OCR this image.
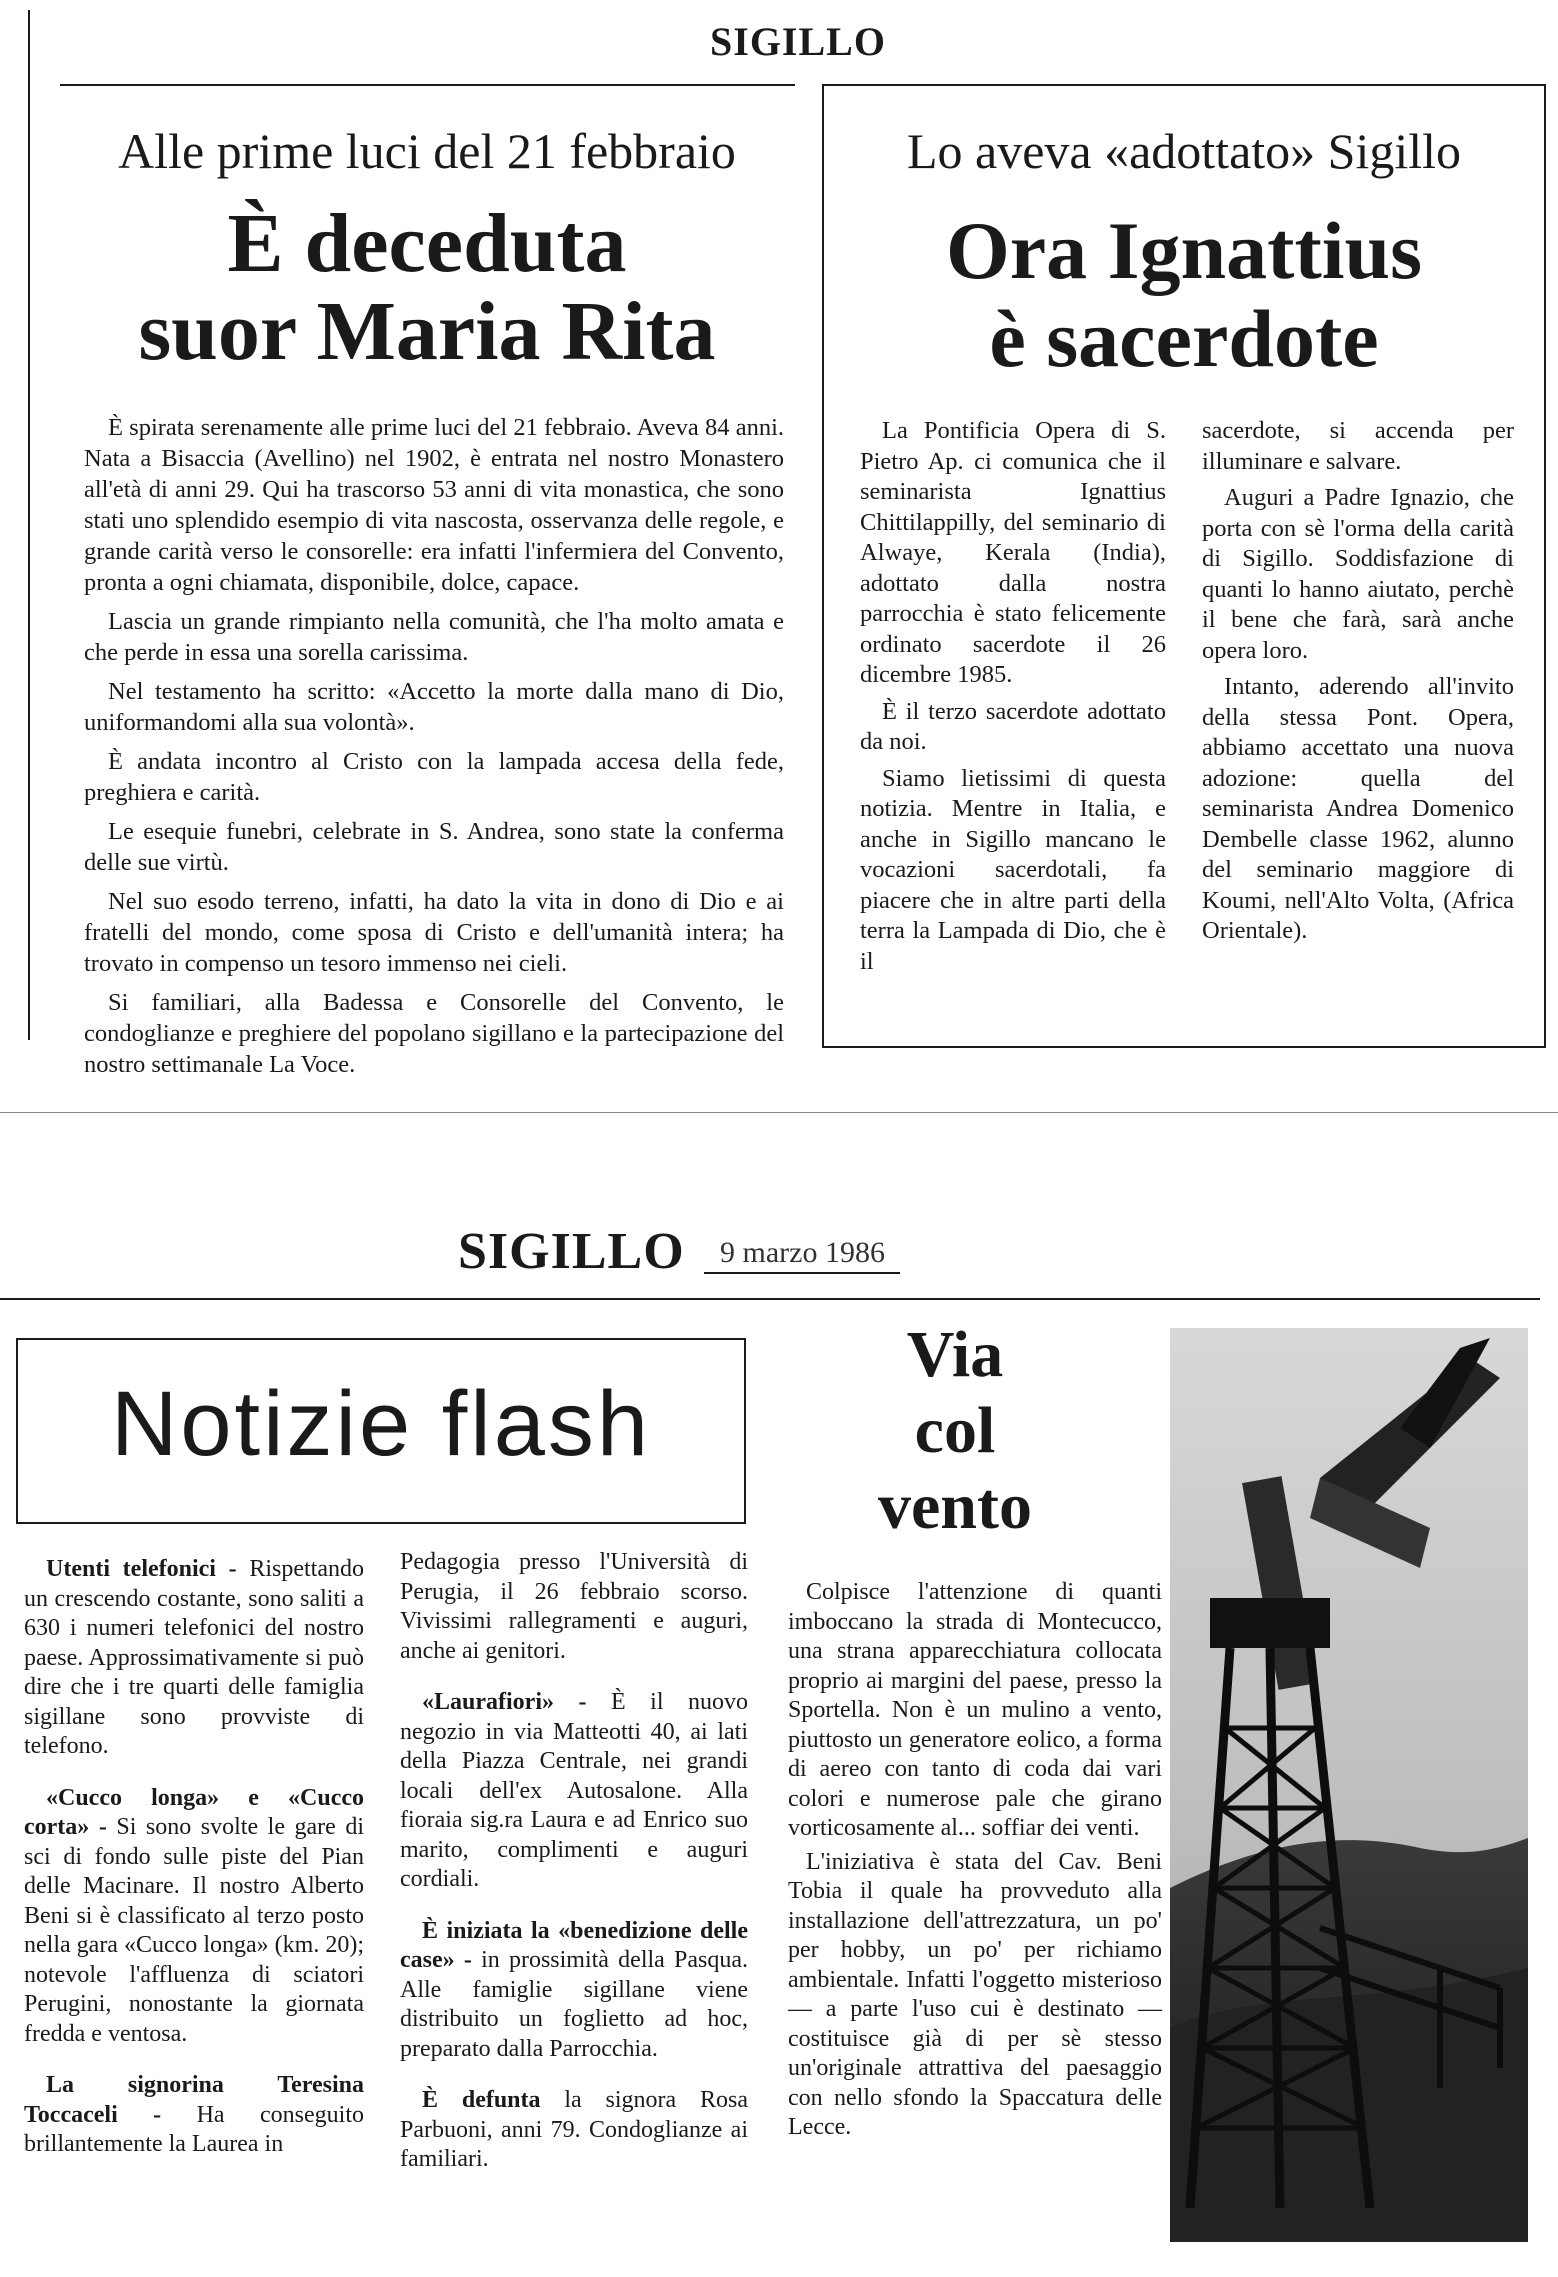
SIGILLO
Alle prime luci del 21 febbraio
È deceduta
suor Maria Rita

È spirata serenamente alle prime luci del 21 febbraio. Aveva 84 anni. Nata a Bisaccia (Avellino) nel 1902, è entrata nel nostro Monastero all'età di anni 29. Qui ha trascorso 53 anni di vita monastica, che sono stati uno splendido esempio di vita nascosta, osservanza delle regole, e grande carità verso le consorelle: era infatti l'infermiera del Convento, pronta a ogni chiamata, disponibile, dolce, capace.

Lascia un grande rimpianto nella comunità, che l'ha molto amata e che perde in essa una sorella carissima.

Nel testamento ha scritto: «Accetto la morte dalla mano di Dio, uniformandomi alla sua volontà».

È andata incontro al Cristo con la lampada accesa della fede, preghiera e carità.

Le esequie funebri, celebrate in S. Andrea, sono state la conferma delle sue virtù.

Nel suo esodo terreno, infatti, ha dato la vita in dono di Dio e ai fratelli del mondo, come sposa di Cristo e dell'umanità intera; ha trovato in compenso un tesoro immenso nei cieli.

Si familiari, alla Badessa e Consorelle del Convento, le condoglianze e preghiere del popolano sigillano e la partecipazione del nostro settimanale La Voce.

Lo aveva «adottato» Sigillo
Ora Ignattius
è sacerdote

La Pontificia Opera di S. Pietro Ap. ci comunica che il seminarista Ignattius Chittilappilly, del seminario di Alwaye, Kerala (India), adottato dalla nostra parrocchia è stato felicemente ordinato sacerdote il 26 dicembre 1985.

È il terzo sacerdote adottato da noi.

Siamo lietissimi di questa notizia. Mentre in Italia, e anche in Sigillo mancano le vocazioni sacerdotali, fa piacere che in altre parti della terra la Lampada di Dio, che è il

sacerdote, si accenda per illuminare e salvare.

Auguri a Padre Ignazio, che porta con sè l'orma della carità di Sigillo. Soddisfazione di quanti lo hanno aiutato, perchè il bene che farà, sarà anche opera loro.

Intanto, aderendo all'invito della stessa Pont. Opera, abbiamo accettato una nuova adozione: quella del seminarista Andrea Domenico Dembelle classe 1962, alunno del seminario maggiore di Koumi, nell'Alto Volta, (Africa Orientale).

SIGILLO 9 marzo 1986
Notizie flash

Utenti telefonici - Rispettando un crescendo costante, sono saliti a 630 i numeri telefonici del nostro paese. Approssimativamente si può dire che i tre quarti delle famiglia sigillane sono provviste di telefono.

«Cucco longa» e «Cucco corta» - Si sono svolte le gare di sci di fondo sulle piste del Pian delle Macinare. Il nostro Alberto Beni si è classificato al terzo posto nella gara «Cucco longa» (km. 20); notevole l'affluenza di sciatori Perugini, nonostante la giornata fredda e ventosa.

La signorina Teresina Toccaceli - Ha conseguito brillantemente la Laurea in

Pedagogia presso l'Università di Perugia, il 26 febbraio scorso. Vivissimi rallegramenti e auguri, anche ai genitori.

«Laurafiori» - È il nuovo negozio in via Matteotti 40, ai lati della Piazza Centrale, nei grandi locali dell'ex Autosalone. Alla fioraia sig.ra Laura e ad Enrico suo marito, complimenti e auguri cordiali.

È iniziata la «benedizione delle case» - in prossimità della Pasqua. Alle famiglie sigillane viene distribuito un foglietto ad hoc, preparato dalla Parrocchia.

È defunta la signora Rosa Parbuoni, anni 79. Condoglianze ai familiari.

Via
col
vento

Colpisce l'attenzione di quanti imboccano la strada di Montecucco, una strana apparecchiatura collocata proprio ai margini del paese, presso la Sportella. Non è un mulino a vento, piuttosto un generatore eolico, a forma di aereo con tanto di coda dai vari colori e numerose pale che girano vorticosamente al... soffiar dei venti.

L'iniziativa è stata del Cav. Beni Tobia il quale ha provveduto alla installazione dell'attrezzatura, un po' per hobby, un po' per richiamo ambientale. Infatti l'oggetto misterioso — a parte l'uso cui è destinato — costituisce già di per sè stesso un'originale attrattiva del paesaggio con nello sfondo la Spaccatura delle Lecce.
